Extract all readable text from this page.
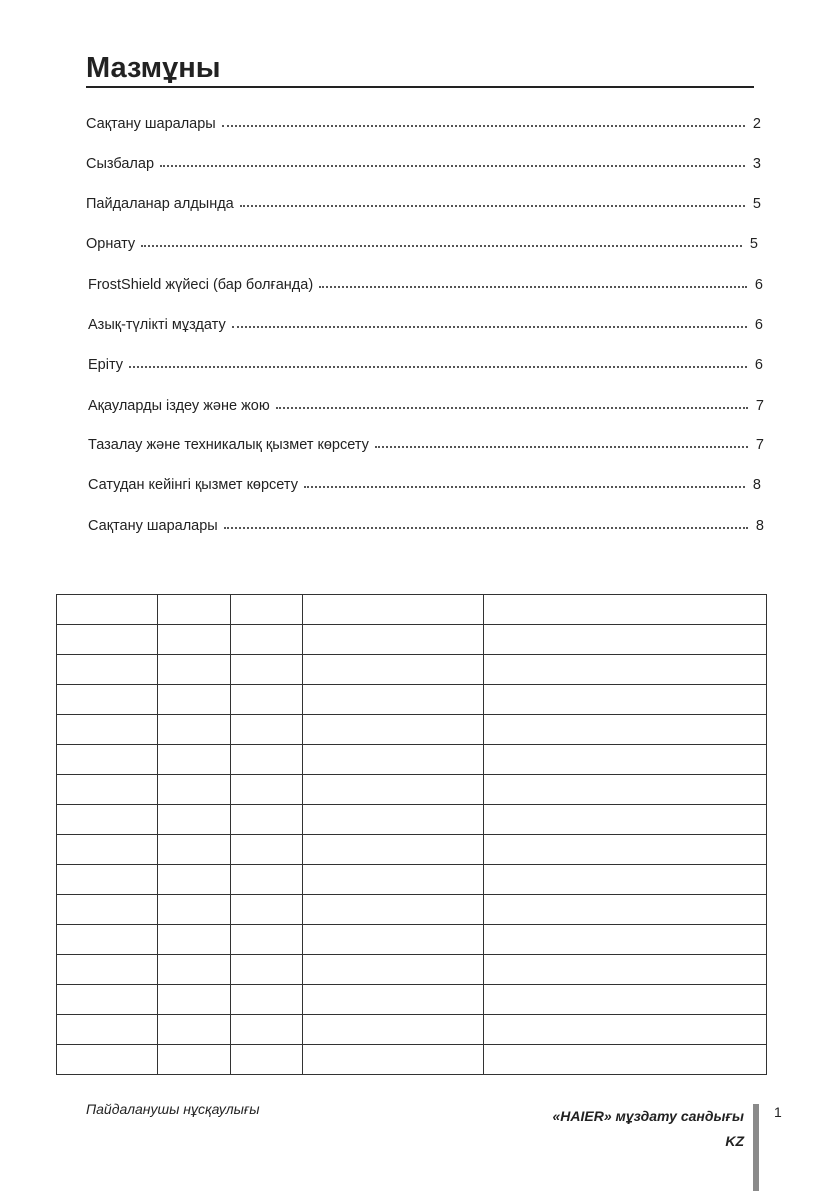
Мазмұны
Сақтану шаралары	2
Сызбалар	3
Пайдаланар алдында	5
Орнату	5
FrostShield жүйесі (бар болғанда)	6
Азық-түлікті мұздату	6
Еріту	6
Ақауларды іздеу және жою	7
Тазалау және техникалық қызмет көрсету	7
Сатудан кейінгі қызмет көрсету	8
Сақтану шаралары	8

Пайдаланушы нұсқаулығы	«HAIER» мұздату сандығы
KZ
1
